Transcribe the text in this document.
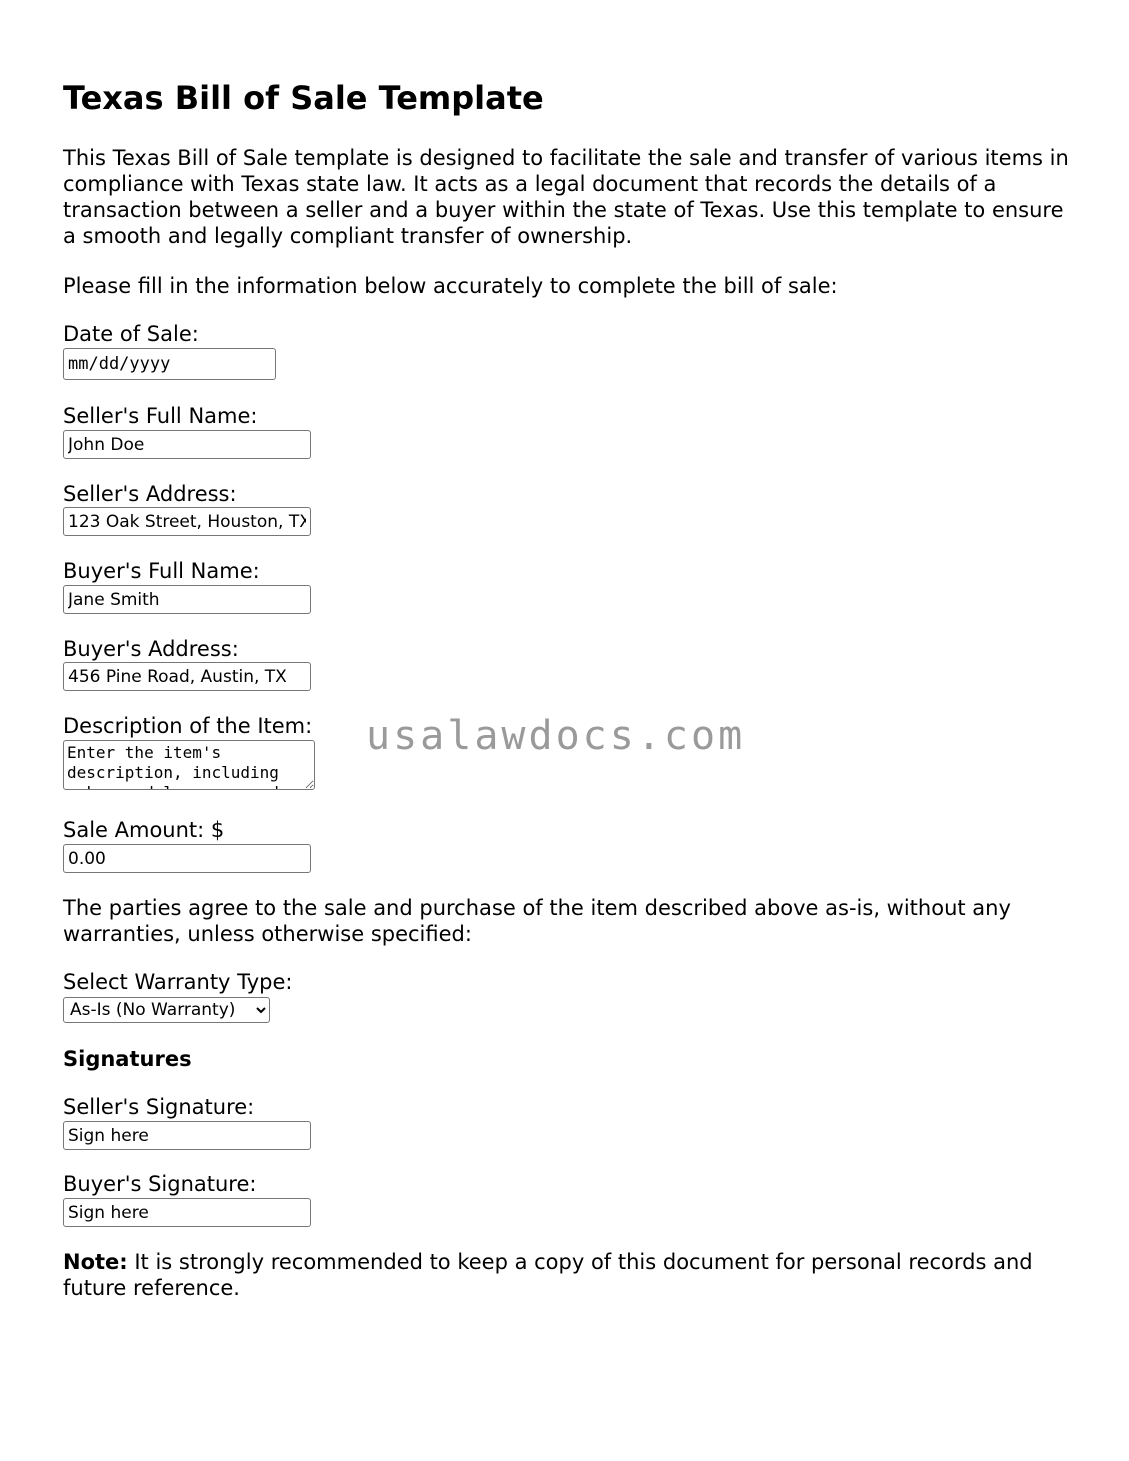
Texas Bill of Sale Template

This Texas Bill of Sale template is designed to facilitate the sale and transfer of various items in compliance with Texas state law. It acts as a legal document that records the details of a transaction between a seller and a buyer within the state of Texas. Use this template to ensure a smooth and legally compliant transfer of ownership.

Please fill in the information below accurately to complete the bill of sale:

Date of Sale:
mm/dd/yyyy
Seller's Full Name:
John Doe
Seller's Address:
123 Oak Street, Houston, TX
Buyer's Full Name:
Jane Smith
Buyer's Address:
456 Pine Road, Austin, TX
Description of the Item:
Enter the item's description, including make, model, year, and serial number if applicable
Sale Amount: $
0.00

The parties agree to the sale and purchase of the item described above as-is, without any warranties, unless otherwise specified:

Select Warranty Type:
As-Is (No Warranty)
Signatures
Seller's Signature:
Sign here
Buyer's Signature:
Sign here

Note: It is strongly recommended to keep a copy of this document for personal records and future reference.

usalawdocs.com
